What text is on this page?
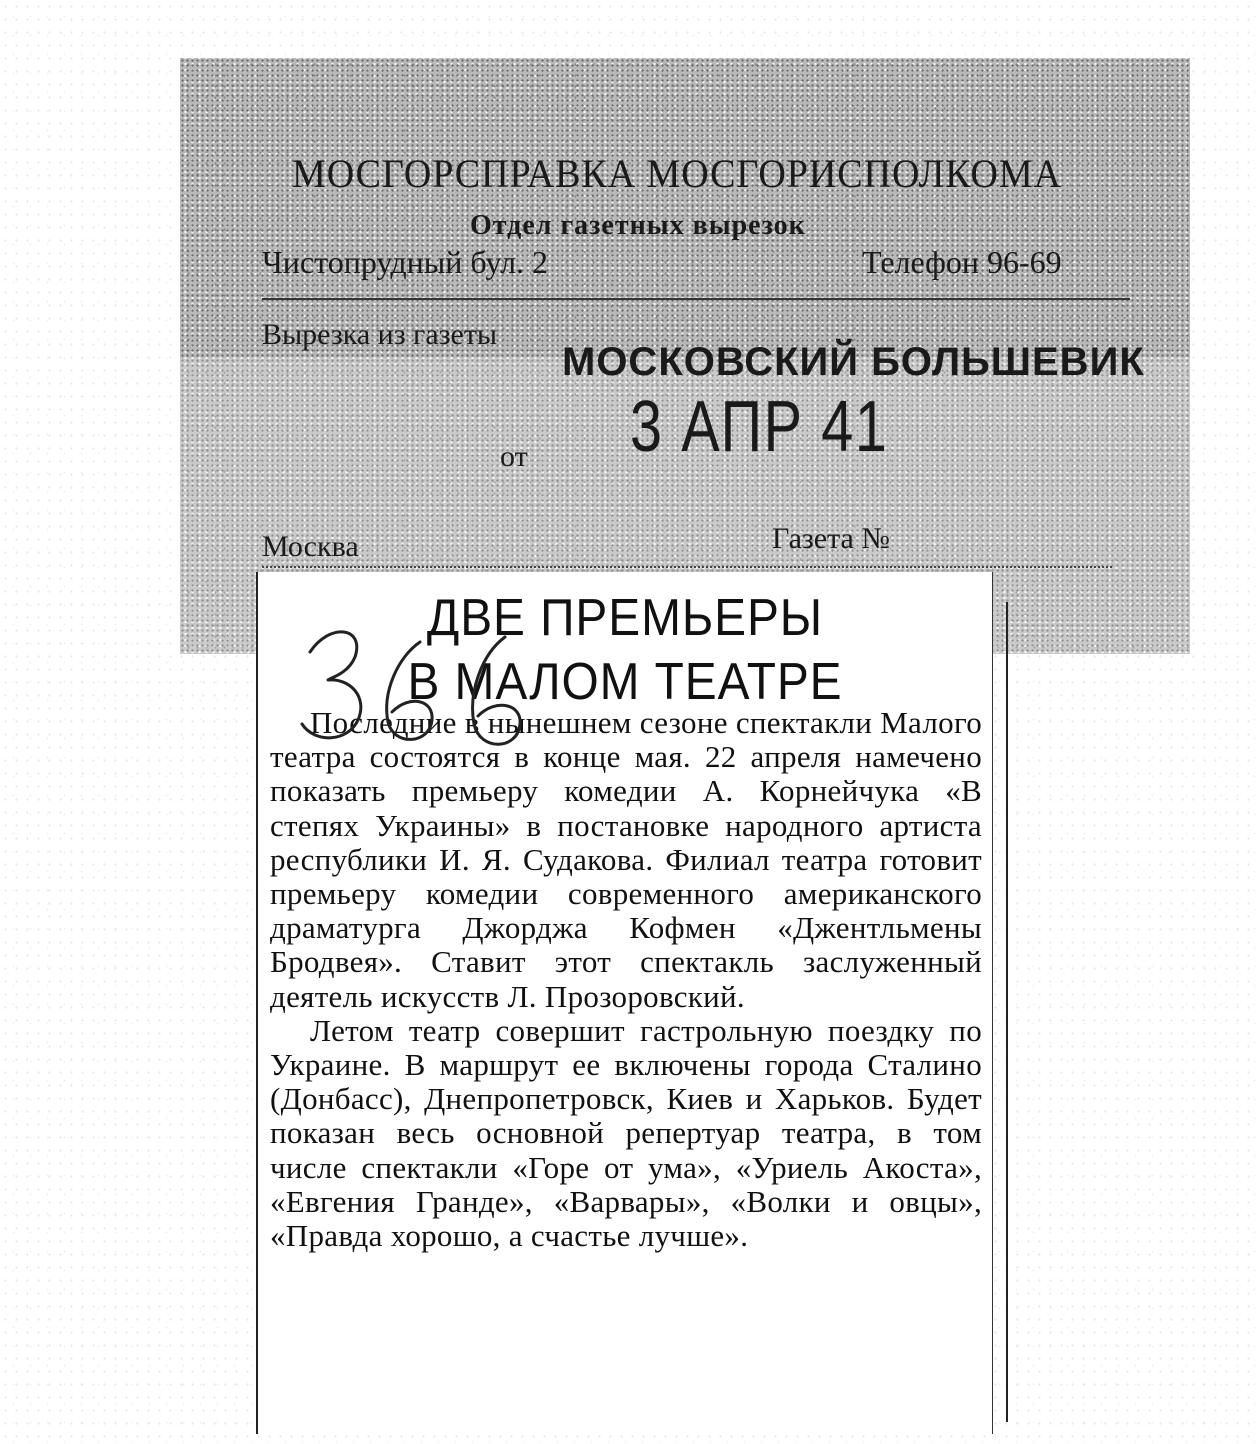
МОСГОРСПРАВКА МОСГОРИСПОЛКОМА
Отдел газетных вырезок
Чистопрудный бул. 2	Телефон 96-69
Вырезка из газеты
МОСКОВСКИЙ БОЛЬШЕВИК
от 3 АПР 41
Москва	Газета №
ДВЕ ПРЕМЬЕРЫ
В МАЛОМ ТЕАТРЕ

Последние в нынешнем сезоне спектакли Малого театра состоятся в конце мая. 22 апреля намечено показать премьеру комедии А. Корнейчука «В степях Украины» в постановке народного артиста республики И. Я. Судакова. Филиал театра готовит премьеру комедии современного американского драматурга Джорджа Кофмен «Джентльмены Бродвея». Ставит этот спектакль заслуженный деятель искусств Л. Прозоровский.

Летом театр совершит гастрольную поездку по Украине. В маршрут ее включены города Сталино (Донбасс), Днепропетровск, Киев и Харьков. Будет показан весь основной репертуар театра, в том числе спектакли «Горе от ума», «Уриель Акоста», «Евгения Гранде», «Варвары», «Волки и овцы», «Правда хорошо, а счастье лучше».
